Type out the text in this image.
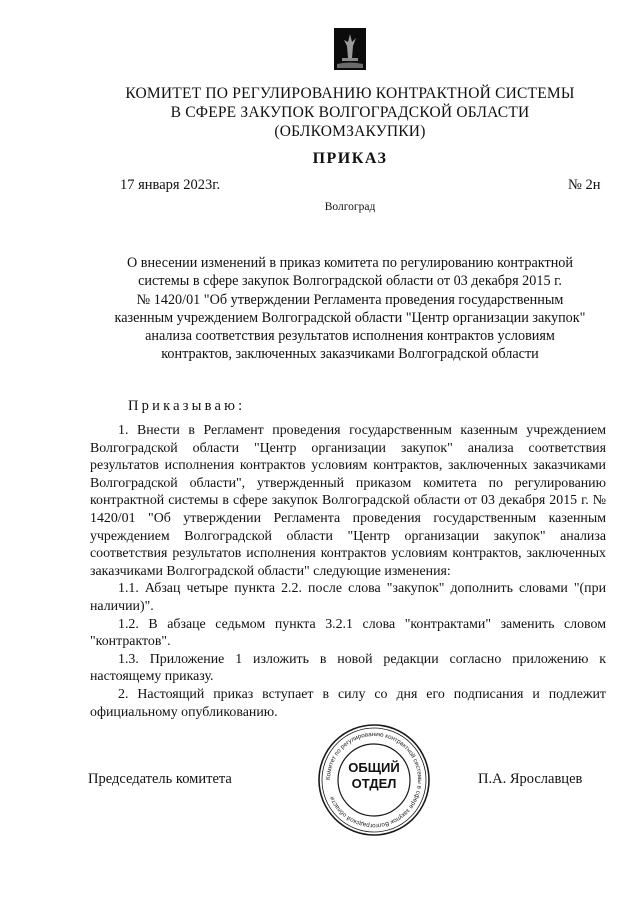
КОМИТЕТ ПО РЕГУЛИРОВАНИЮ КОНТРАКТНОЙ СИСТЕМЫ
В СФЕРЕ ЗАКУПОК ВОЛГОГРАДСКОЙ ОБЛАСТИ
(ОБЛКОМЗАКУПКИ)
ПРИКАЗ
17 января 2023г.	№ 2н
Волгоград
О внесении изменений в приказ комитета по регулированию контрактной
системы в сфере закупок Волгоградской области от 03 декабря 2015 г.
№ 1420/01 "Об утверждении Регламента проведения государственным
казенным учреждением Волгоградской области "Центр организации закупок"
анализа соответствия результатов исполнения контрактов условиям
контрактов, заключенных заказчиками Волгоградской области
Приказываю:

1. Внести в Регламент проведения государственным казенным учреждением Волгоградской области "Центр организации закупок" анализа соответствия результатов исполнения контрактов условиям контрактов, заключенных заказчиками Волгоградской области", утвержденный приказом комитета по регулированию контрактной системы в сфере закупок Волгоградской области от 03 декабря 2015 г. № 1420/01 "Об утверждении Регламента проведения государственным казенным учреждением Волгоградской области "Центр организации закупок" анализа соответствия результатов исполнения контрактов условиям контрактов, заключенных заказчиками Волгоградской области" следующие изменения:

1.1. Абзац четыре пункта 2.2. после слова "закупок" дополнить словами "(при наличии)".

1.2. В абзаце седьмом пункта 3.2.1 слова "контрактами" заменить словом "контрактов".

1.3. Приложение 1 изложить в новой редакции согласно приложению к настоящему приказу.

2. Настоящий приказ вступает в силу со дня его подписания и подлежит официальному опубликованию.

Председатель комитета	П.А. Ярославцев
Комитет по регулированию контрактной системы в сфере закупок Волгоградской области
ОБЩИЙ
ОТДЕЛ
